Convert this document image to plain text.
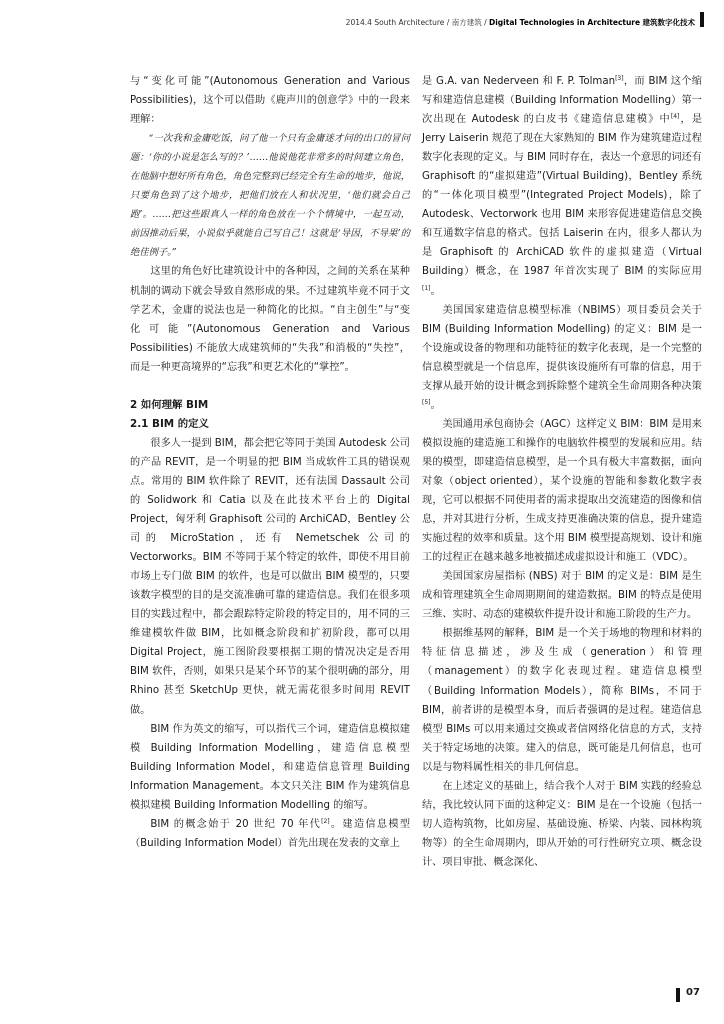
2014.4 South Architecture / 南方建筑 / Digital Technologies in Architecture 建筑数字化技术

与“变化可能”(Autonomous Generation and Various Possibilities)，这个可以借助《鹿声川的创意学》中的一段来理解：

“一次我和金庸吃饭，问了他一个只有金庸迷才问的出口的冒问题：‘你的小说是怎么写的？’……他说他花非常多的时间建立角色，在他脑中想好所有角色，角色完整到已经完全有生命的地步，他说，只要角色到了这个地步，把他们放在人和状况里，‘他们就会自己跑’。……把这些跟真人一样的角色放在一个个情境中，一起互动，前因推动后果，小说似乎就能自己写自己！这就是‘导因，不导果’的绝佳例子。”

这里的角色好比建筑设计中的各种因，之间的关系在某种机制的调动下就会导致自然形成的果。不过建筑毕竟不同于文学艺术，金庸的说法也是一种简化的比拟。“自主创生”与“变化可能”(Autonomous Generation and Various Possibilities) 不能放大成建筑师的“失我”和消极的“失控”，而是一种更高境界的“忘我”和更艺术化的“掌控”。

2 如何理解 BIM

2.1 BIM 的定义

很多人一提到 BIM，都会把它等同于美国 Autodesk 公司的产品 REVIT，是一个明显的把 BIM 当成软件工具的错误观点。常用的 BIM 软件除了 REVIT，还有法国 Dassault 公司的 Solidwork 和 Catia 以及在此技术平台上的 Digital Project，匈牙利 Graphisoft 公司的 ArchiCAD，Bentley 公司的 MicroStation，还有 Nemetschek 公司的 Vectorworks。BIM 不等同于某个特定的软件，即使不用目前市场上专门做 BIM 的软件，也是可以做出 BIM 模型的，只要该数字模型的目的是交流准确可靠的建造信息。我们在很多项目的实践过程中，都会跟踪特定阶段的特定目的，用不同的三维建模软件做 BIM，比如概念阶段和扩初阶段，都可以用 Digital Project，施工图阶段要根据工期的情况决定是否用 BIM 软件，否则，如果只是某个环节的某个很明确的部分，用 Rhino 甚至 SketchUp 更快，就无需花很多时间用 REVIT 做。

BIM 作为英文的缩写，可以指代三个词，建造信息模拟建模 Building Information Modelling，建造信息模型 Building Information Model，和建造信息管理 Building Information Management。本文只关注 BIM 作为建筑信息模拟建模 Building Information Modelling 的缩写。

BIM 的概念始于 20 世纪 70 年代[2]。建造信息模型（Building Information Model）首先出现在发表的文章上

是 G.A. van Nederveen 和 F. P. Tolman[3]，而 BIM 这个缩写和建造信息建模（Building Information Modelling）第一次出现在 Autodesk 的白皮书《建造信息建模》中[4]，是 Jerry Laiserin 规范了现在大家熟知的 BIM 作为建筑建造过程数字化表现的定义。与 BIM 同时存在，表达一个意思的词还有 Graphisoft 的“虚拟建造”(Virtual Building)，Bentley 系统的“一体化项目模型”(Integrated Project Models)，除了 Autodesk、Vectorwork 也用 BIM 来形容促进建造信息交换和互通数字信息的格式。包括 Laiserin 在内，很多人都认为是 Graphisoft 的 ArchiCAD 软件的虚拟建造（Virtual Building）概念，在 1987 年首次实现了 BIM 的实际应用[1]。

美国国家建造信息模型标准（NBIMS）项目委员会关于 BIM (Building Information Modelling) 的定义：BIM 是一个设施或设备的物理和功能特征的数字化表现，是一个完整的信息模型就是一个信息库，提供该设施所有可靠的信息，用于支撑从最开始的设计概念到拆除整个建筑全生命周期各种决策[5]。

美国通用承包商协会（AGC）这样定义 BIM：BIM 是用来模拟设施的建造施工和操作的电脑软件模型的发展和应用。结果的模型，即建造信息模型，是一个具有极大丰富数据，面向对象（object oriented），某个设施的智能和参数化数字表现，它可以根据不同使用者的需求提取出交流建造的图像和信息，并对其进行分析，生成支持更准确决策的信息，提升建造实施过程的效率和质量。这个用 BIM 模型提高规划、设计和施工的过程正在越来越多地被描述成虚拟设计和施工（VDC）。

美国国家房屋指标 (NBS) 对于 BIM 的定义是：BIM 是生成和管理建筑全生命周期期间的建造数据。BIM 的特点是使用三维、实时、动态的建模软件提升设计和施工阶段的生产力。

根据维基网的解释，BIM 是一个关于场地的物理和材料的特征信息描述，涉及生成（generation）和管理（management）的数字化表现过程。建造信息模型（Building Information Models），简称 BIMs，不同于 BIM，前者讲的是模型本身，而后者强调的是过程。建造信息模型 BIMs 可以用来通过交换或者信网络化信息的方式，支持关于特定场地的决策。建入的信息，既可能是几何信息，也可以是与物料属性相关的非几何信息。

在上述定义的基础上，结合我个人对于 BIM 实践的经验总结，我比较认同下面的这种定义：BIM 是在一个设施（包括一切人造构筑物，比如房屋、基础设施、桥梁、内装、园林构筑物等）的全生命周期内，即从开始的可行性研究立项、概念设计、项目审批、概念深化、

07
